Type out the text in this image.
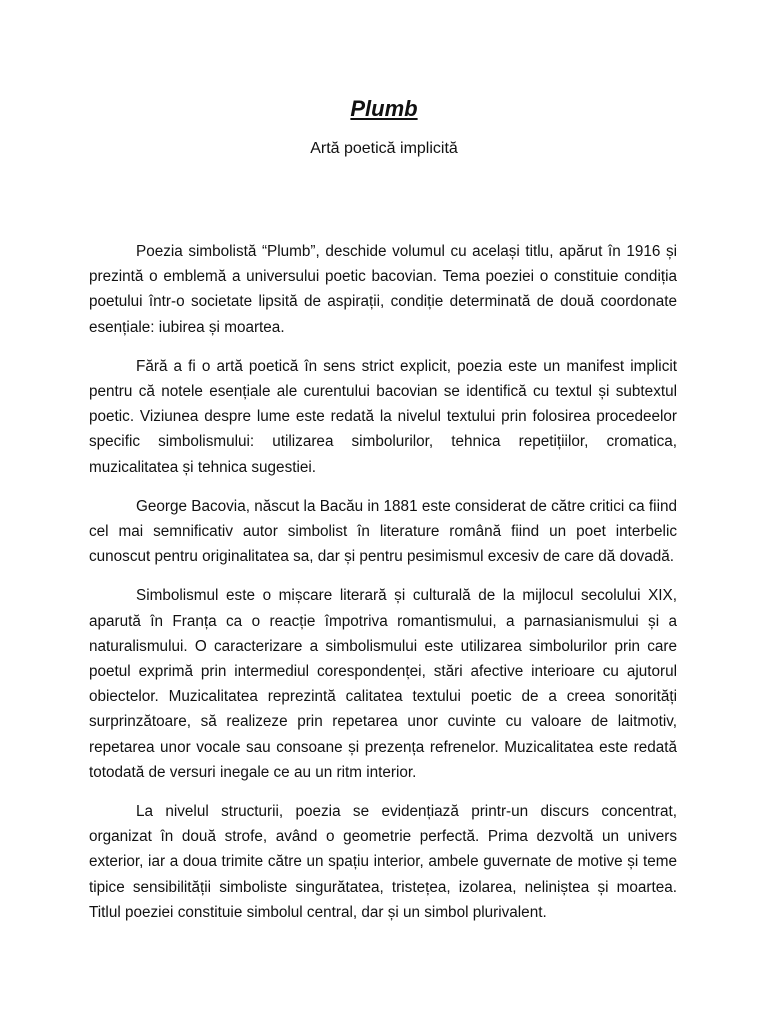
Plumb

Artă poetică implicită

Poezia simbolistă “Plumb”, deschide volumul cu același titlu, apărut în 1916 și prezintă o emblemă a universului poetic bacovian. Tema poeziei o constituie condiția poetului într-o societate lipsită de aspirații, condiție determinată de două coordonate esențiale: iubirea și moartea.

Fără a fi o artă poetică în sens strict explicit, poezia este un manifest implicit pentru că notele esențiale ale curentului bacovian se identifică cu textul și subtextul poetic. Viziunea despre lume este redată la nivelul textului prin folosirea procedeelor specific simbolismului: utilizarea simbolurilor, tehnica repetițiilor, cromatica, muzicalitatea și tehnica sugestiei.

George Bacovia, născut la Bacău in 1881 este considerat de către critici ca fiind cel mai semnificativ autor simbolist în literature română fiind un poet interbelic cunoscut pentru originalitatea sa, dar și pentru pesimismul excesiv de care dă dovadă.

Simbolismul este o mișcare literară și culturală de la mijlocul secolului XIX, aparută în Franța ca o reacție împotriva romantismului, a parnasianismului și a naturalismului. O caracterizare a simbolismului este utilizarea simbolurilor prin care poetul exprimă prin intermediul corespondenței, stări afective interioare cu ajutorul obiectelor. Muzicalitatea reprezintă calitatea textului poetic de a creea sonorități surprinzătoare, să realizeze prin repetarea unor cuvinte cu valoare de laitmotiv, repetarea unor vocale sau consoane și prezența refrenelor. Muzicalitatea este redată totodată de versuri inegale ce au un ritm interior.

La nivelul structurii, poezia se evidențiază printr-un discurs concentrat, organizat în două strofe, având o geometrie perfectă. Prima dezvoltă un univers exterior, iar a doua trimite către un spațiu interior, ambele guvernate de motive și teme tipice sensibilității simboliste singurătatea, tristețea, izolarea, neliniștea și moartea. Titlul poeziei constituie simbolul central, dar și un simbol plurivalent.
